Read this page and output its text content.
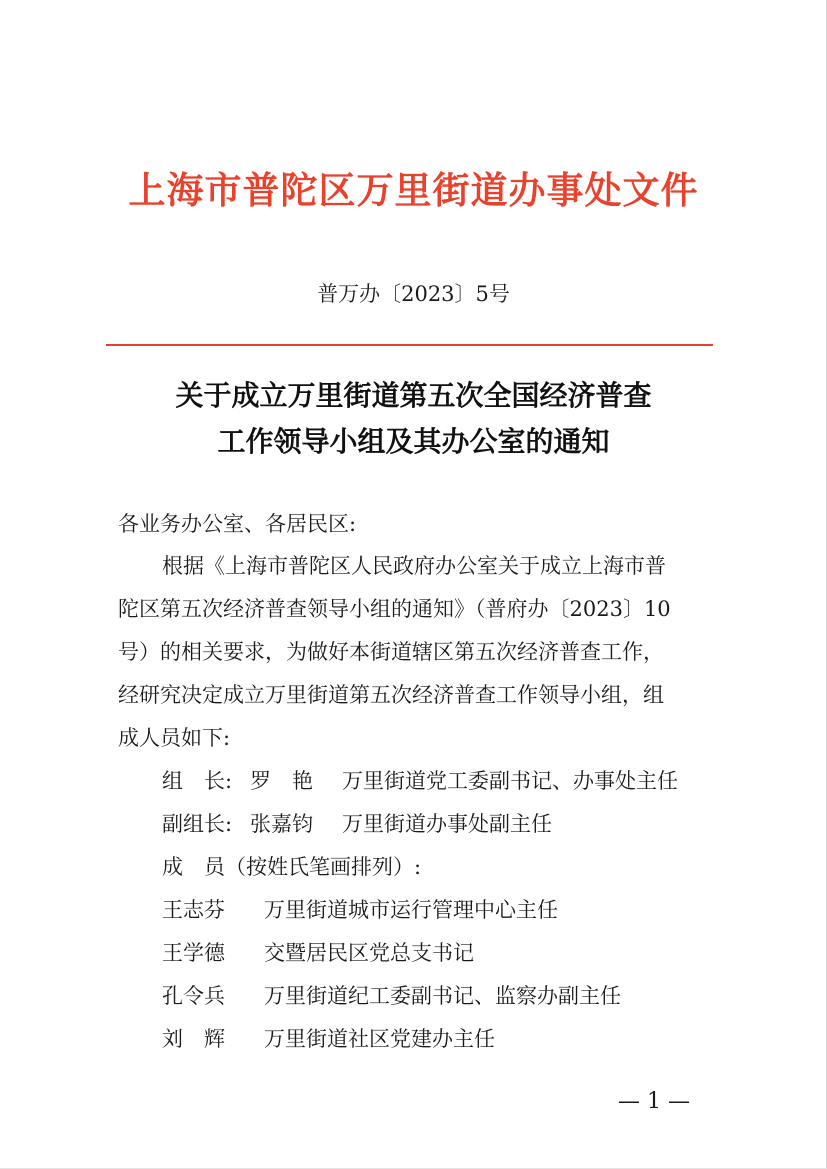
上海市普陀区万里街道办事处文件
普万办〔2023〕5号
关于成立万里街道第五次全国经济普查
工作领导小组及其办公室的通知
各业务办公室、各居民区:
根据《上海市普陀区人民政府办公室关于成立上海市普
陀区第五次经济普查领导小组的通知》（普府办〔2023〕10
号）的相关要求，为做好本街道辖区第五次经济普查工作，
经研究决定成立万里街道第五次经济普查工作领导小组，组
成人员如下:
组　长: 罗　艳 万里街道党工委副书记、办事处主任
副组长: 张嘉钧 万里街道办事处副主任
成　员（按姓氏笔画排列）:
王志芬 万里街道城市运行管理中心主任
王学德 交暨居民区党总支书记
孔令兵 万里街道纪工委副书记、监察办副主任
刘　辉 万里街道社区党建办主任
— 1 —
